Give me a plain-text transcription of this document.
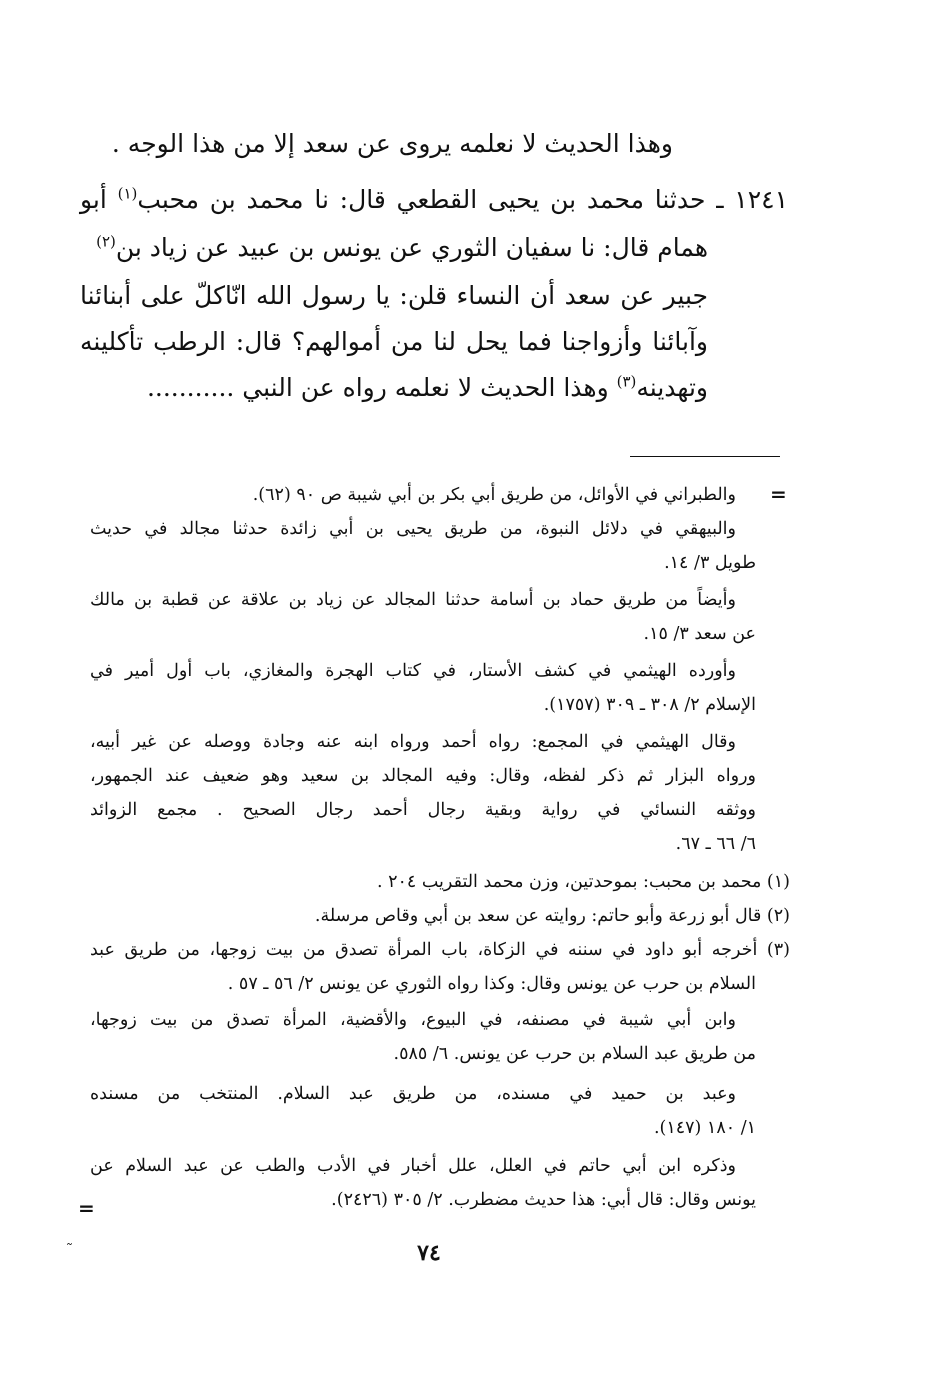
وهذا الحديث لا نعلمه يروى عن سعد إلا من هذا الوجه .
١٢٤١ ـ حدثنا محمد بن يحيى القطعي قال: نا محمد بن محبب$^{(١)}$ أبو
همام قال: نا سفيان الثوري عن يونس بن عبيد عن زياد بن$^{(٢)}$
جبير عن سعد أن النساء قلن: يا رسول الله انّاكلّ على أبنائنا
وآبائنا وأزواجنا فما يحل لنا من أموالهم؟ قال: الرطب تأكلينه
وتهدينه$^{(٣)}$ وهذا الحديث لا نعلمه رواه عن النبي ...........
=
=
والطبراني في الأوائل، من طريق أبي بكر بن أبي شيبة ص ٩٠ (٦٢).
والبيهقي في دلائل النبوة، من طريق يحيى بن أبي زائدة حدثنا مجالد في حديث
طويل ٣/ ١٤.
وأيضاً من طريق حماد بن أسامة حدثنا المجالد عن زياد بن علاقة عن قطبة بن مالك
عن سعد ٣/ ١٥.
وأورده الهيثمي في كشف الأستار، في كتاب الهجرة والمغازي، باب أول أمير في
الإسلام ٢/ ٣٠٨ ـ ٣٠٩ (١٧٥٧).
وقال الهيثمي في المجمع: رواه أحمد ورواه ابنه عنه وجادة ووصله عن غير أبيه،
ورواه البزار ثم ذكر لفظه، وقال: وفيه المجالد بن سعيد وهو ضعيف عند الجمهور،
ووثقه النسائي في رواية وبقية رجال أحمد رجال الصحيح . مجمع الزوائد
٦/ ٦٦ ـ ٦٧.
(١) محمد بن محبب: بموحدتين، وزن محمد التقريب ٢٠٤ .
(٢) قال أبو زرعة وأبو حاتم: روايته عن سعد بن أبي وقاص مرسلة.
(٣) أخرجه أبو داود في سننه في الزكاة، باب المرأة تصدق من بيت زوجها، من طريق عبد
السلام بن حرب عن يونس وقال: وكذا رواه الثوري عن يونس ٢/ ٥٦ ـ ٥٧ .
وابن أبي شيبة في مصنفه، في البيوع، والأقضية، المرأة تصدق من بيت زوجها،
من طريق عبد السلام بن حرب عن يونس. ٦/ ٥٨٥.
وعبد بن حميد في مسنده، من طريق عبد السلام. المنتخب من مسنده
١/ ١٨٠ (١٤٧).
وذكره ابن أبي حاتم في العلل، علل أخبار في الأدب والطب عن عبد السلام عن
يونس وقال: قال أبي: هذا حديث مضطرب. ٢/ ٣٠٥ (٢٤٢٦).
٧٤
˜
